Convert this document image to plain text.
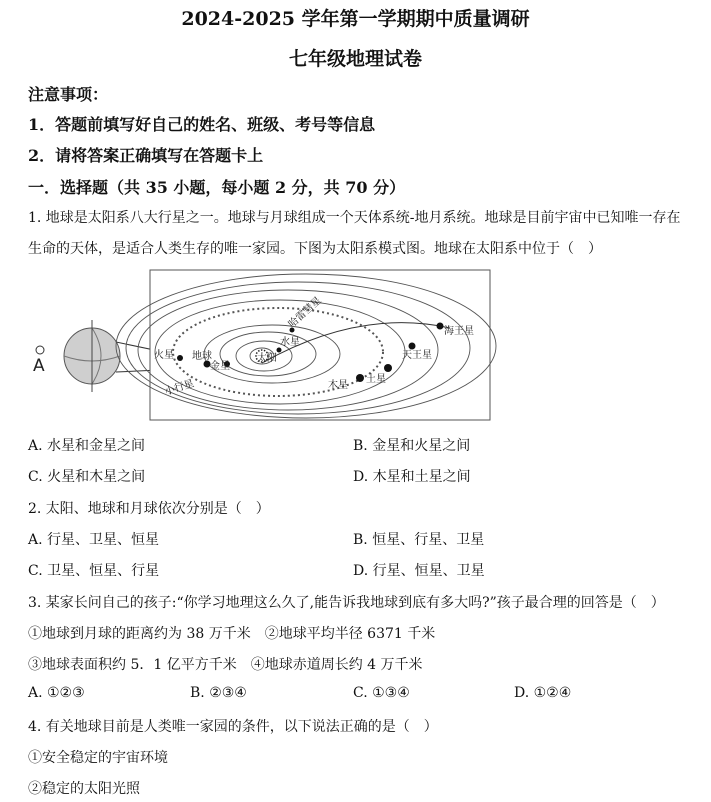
2024-2025 学年第一学期期中质量调研
七年级地理试卷
注意事项：
1．答题前填写好自己的姓名、班级、考号等信息
2．请将答案正确填写在答题卡上
一．选择题（共 35 小题，每小题 2 分，共 70 分）
1. 地球是太阳系八大行星之一。地球与月球组成一个天体系统-地月系统。地球是目前宇宙中已知唯一存在
生命的天体，是适合人类生存的唯一家园。下图为太阳系模式图。地球在太阳系中位于（　）
A	太阳
水星
金星
地球
火星
木星
土星
天王星
海王星
小行星
哈雷彗星
A. 水星和金星之间	B. 金星和火星之间
C. 火星和木星之间	D. 木星和土星之间
2. 太阳、地球和月球依次分别是（　）
A. 行星、卫星、恒星	B. 恒星、行星、卫星
C. 卫星、恒星、行星	D. 行星、恒星、卫星
3. 某家长问自己的孩子:“你学习地理这么久了,能告诉我地球到底有多大吗?”孩子最合理的回答是（　）
①地球到月球的距离约为 38 万千米　②地球平均半径 6371 千米
③地球表面积约 5．1 亿平方千米　④地球赤道周长约 4 万千米
A. ①②③	B. ②③④	C. ①③④	D. ①②④
4. 有关地球目前是人类唯一家园的条件，以下说法正确的是（　）
①安全稳定的宇宙环境
②稳定的太阳光照
